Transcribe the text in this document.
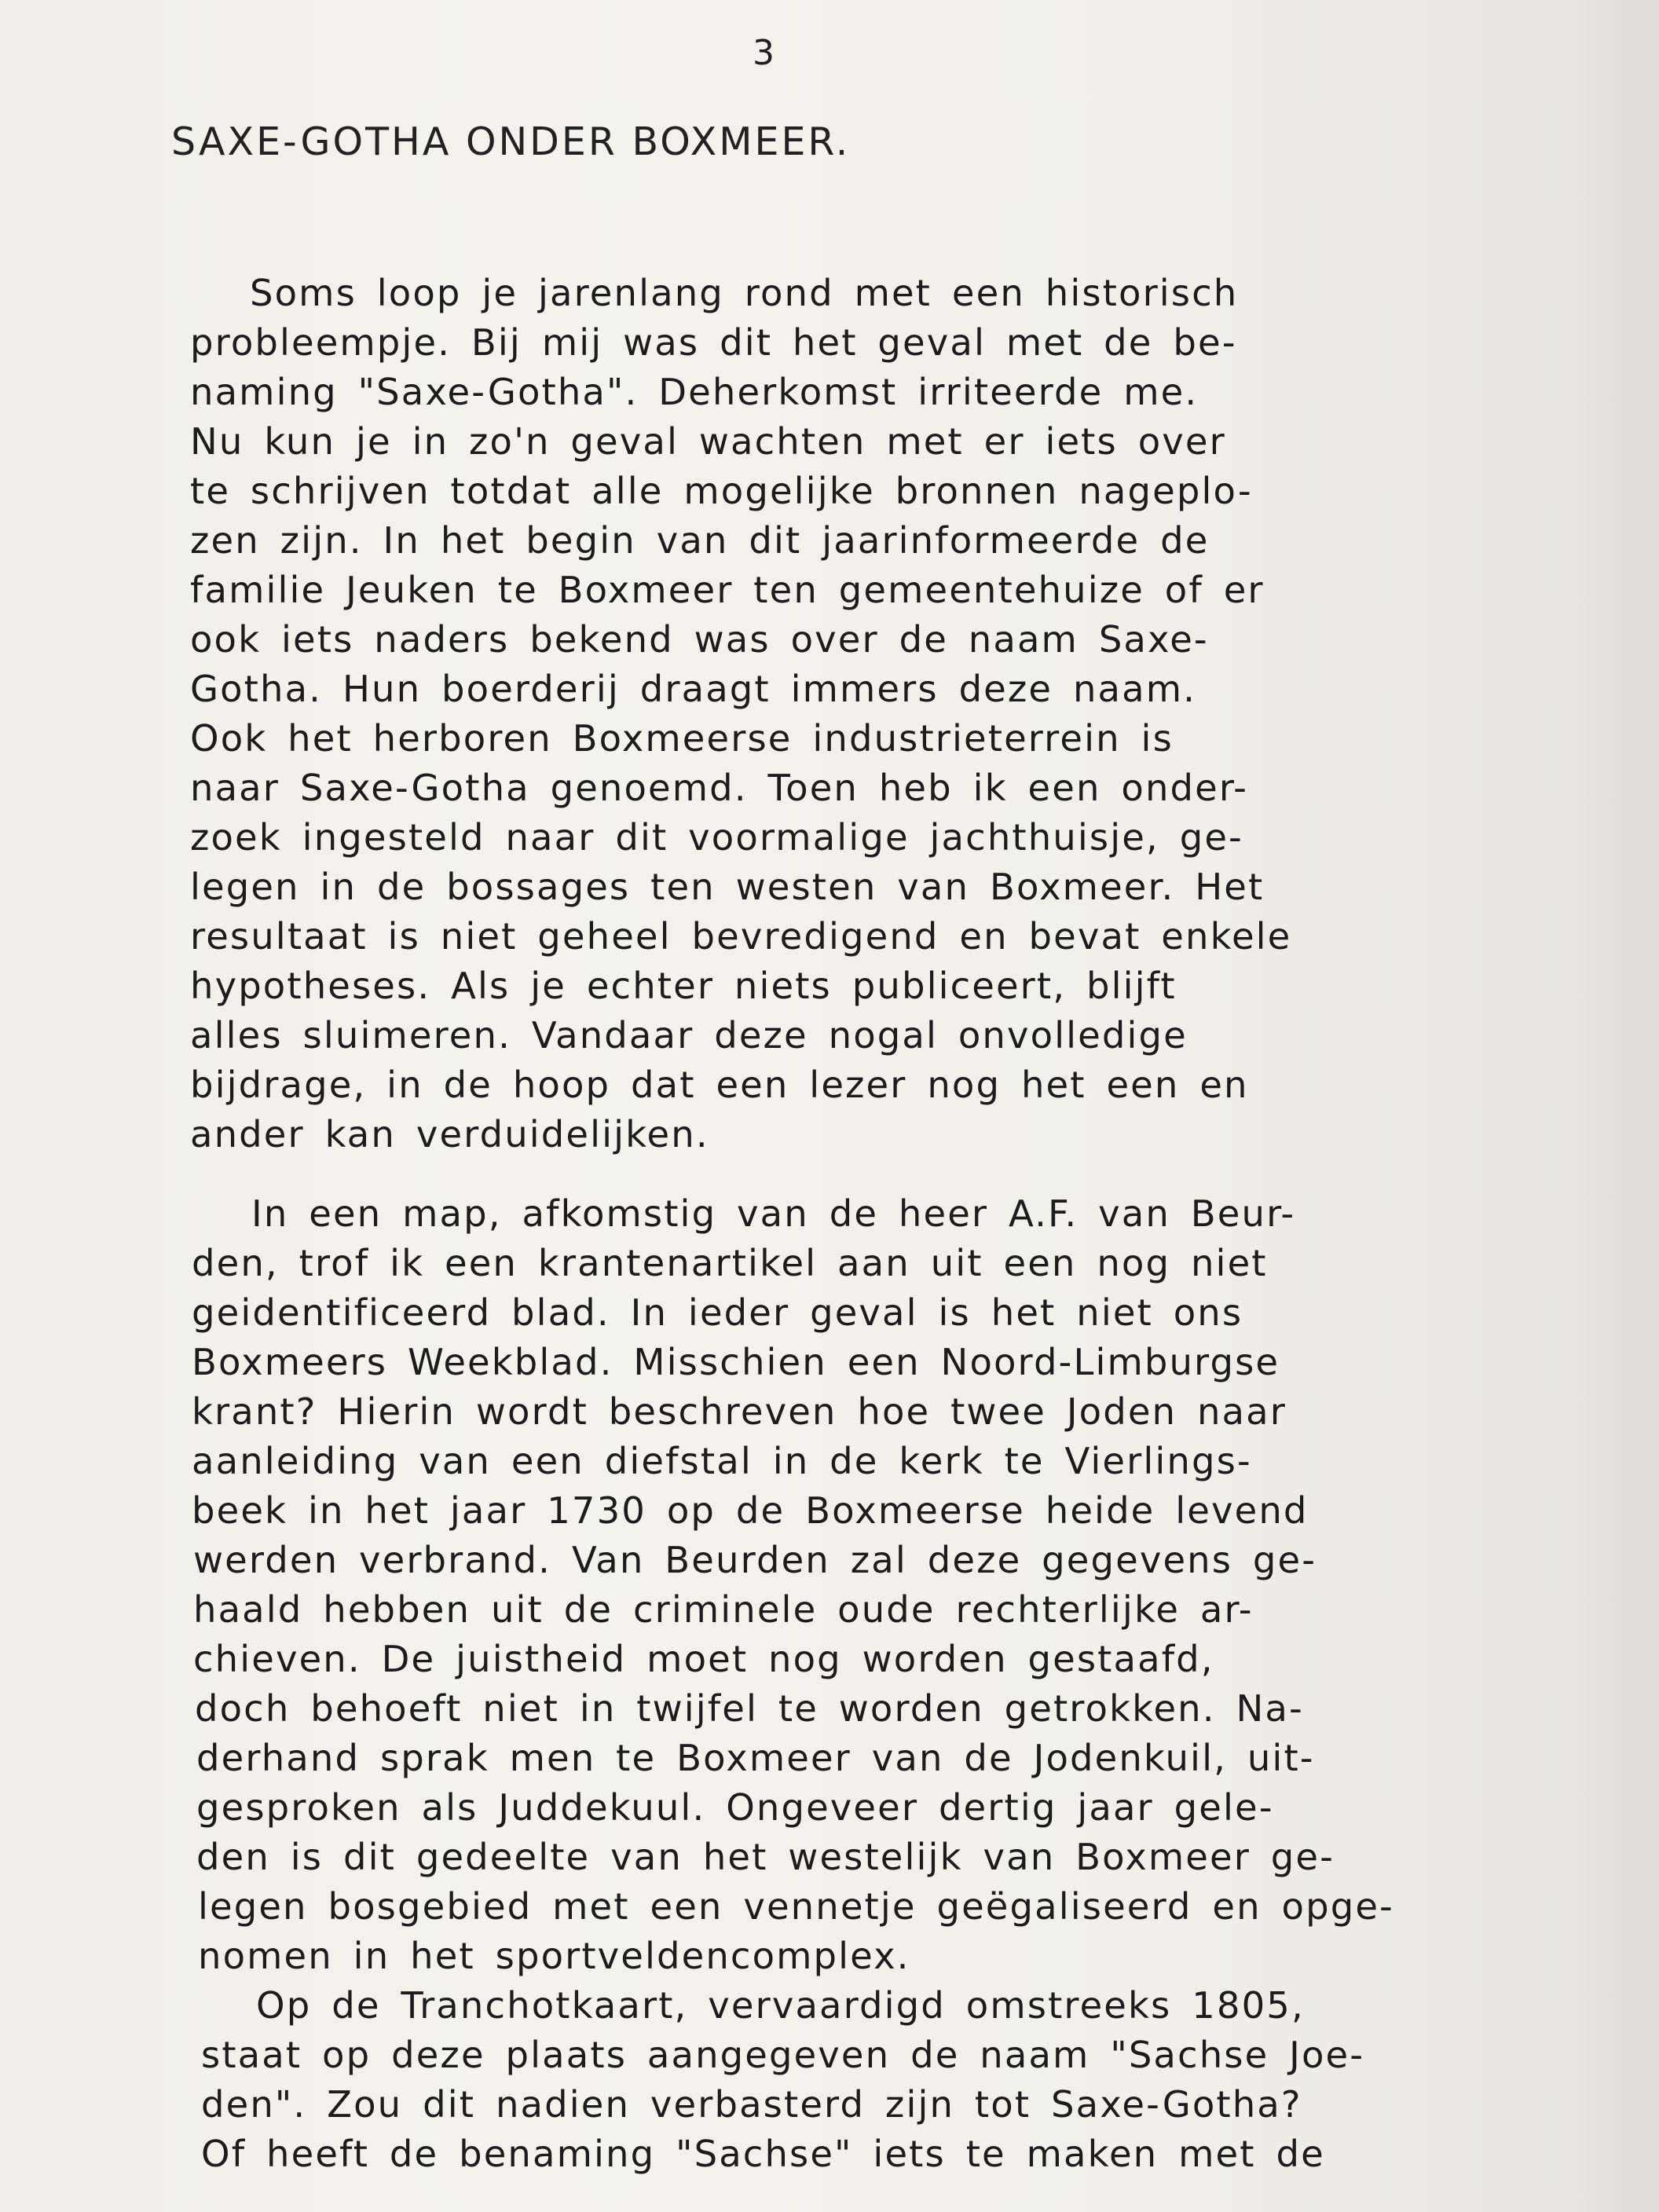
3
SAXE-GOTHA ONDER BOXMEER.
Soms loop je jarenlang rond met een historisch
probleempje. Bij mij was dit het geval met de be-
naming "Saxe-Gotha". Deherkomst irriteerde me.
Nu kun je in zo'n geval wachten met er iets over
te schrijven totdat alle mogelijke bronnen nageplo-
zen zijn. In het begin van dit jaarinformeerde de
familie Jeuken te Boxmeer ten gemeentehuize of er
ook iets naders bekend was over de naam Saxe-
Gotha. Hun boerderij draagt immers deze naam.
Ook het herboren Boxmeerse industrieterrein is
naar Saxe-Gotha genoemd. Toen heb ik een onder-
zoek ingesteld naar dit voormalige jachthuisje, ge-
legen in de bossages ten westen van Boxmeer. Het
resultaat is niet geheel bevredigend en bevat enkele
hypotheses. Als je echter niets publiceert, blijft
alles sluimeren. Vandaar deze nogal onvolledige
bijdrage, in de hoop dat een lezer nog het een en
ander kan verduidelijken.
In een map, afkomstig van de heer A.F. van Beur-
den, trof ik een krantenartikel aan uit een nog niet
geidentificeerd blad. In ieder geval is het niet ons
Boxmeers Weekblad. Misschien een Noord-Limburgse
krant? Hierin wordt beschreven hoe twee Joden naar
aanleiding van een diefstal in de kerk te Vierlings-
beek in het jaar 1730 op de Boxmeerse heide levend
werden verbrand. Van Beurden zal deze gegevens ge-
haald hebben uit de criminele oude rechterlijke ar-
chieven. De juistheid moet nog worden gestaafd,
doch behoeft niet in twijfel te worden getrokken. Na-
derhand sprak men te Boxmeer van de Jodenkuil, uit-
gesproken als Juddekuul. Ongeveer dertig jaar gele-
den is dit gedeelte van het westelijk van Boxmeer ge-
legen bosgebied met een vennetje geëgaliseerd en opge-
nomen in het sportveldencomplex.
Op de Tranchotkaart, vervaardigd omstreeks 1805,
staat op deze plaats aangegeven de naam "Sachse Joe-
den". Zou dit nadien verbasterd zijn tot Saxe-Gotha?
Of heeft de benaming "Sachse" iets te maken met de
